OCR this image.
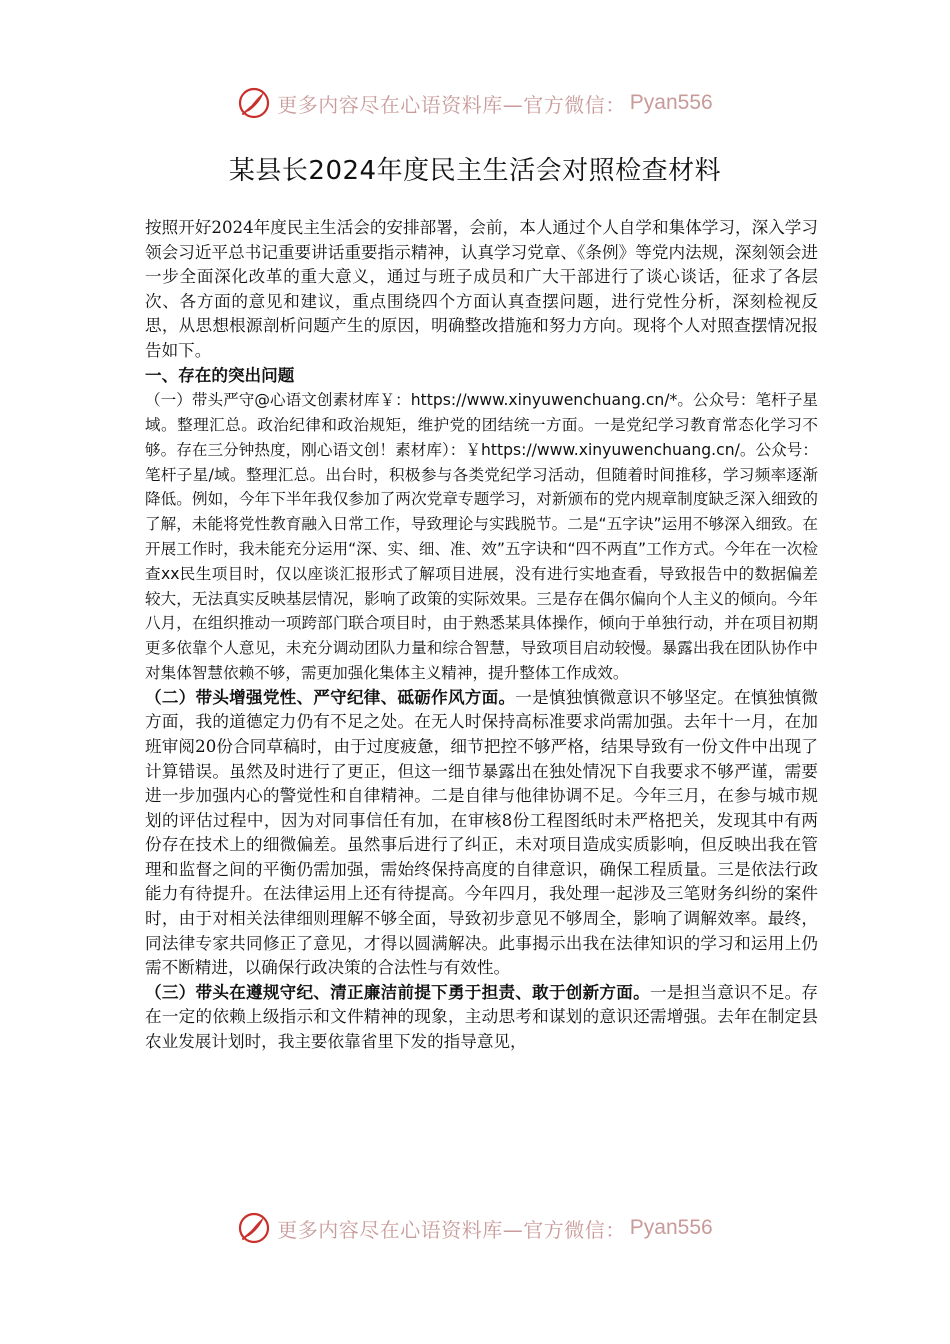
更多内容尽在心语资料库—官方微信： Pyan556
某县长2024年度民主生活会对照检查材料

按照开好2024年度民主生活会的安排部署，会前，本人通过个人自学和集体学习，深入学习领会习近平总书记重要讲话重要指示精神，认真学习党章、《条例》等党内法规，深刻领会进一步全面深化改革的重大意义，通过与班子成员和广大干部进行了谈心谈话，征求了各层次、各方面的意见和建议，重点围绕四个方面认真查摆问题，进行党性分析，深刻检视反思，从思想根源剖析问题产生的原因，明确整改措施和努力方向。现将个人对照查摆情况报告如下。

一、存在的突出问题

（一）带头严守@心语文创素材库￥：https://www.xinyuwenchuang.cn/*。公众号：笔杆子星域。整理汇总。政治纪律和政治规矩，维护党的团结统一方面。一是党纪学习教育常态化学习不够。存在三分钟热度，刚心语文创！素材库）：￥https://www.xinyuwenchuang.cn/。公众号：笔杆子星/域。整理汇总。出台时，积极参与各类党纪学习活动，但随着时间推移，学习频率逐渐降低。例如，今年下半年我仅参加了两次党章专题学习，对新颁布的党内规章制度缺乏深入细致的了解，未能将党性教育融入日常工作，导致理论与实践脱节。二是“五字诀”运用不够深入细致。在开展工作时，我未能充分运用“深、实、细、准、效”五字诀和“四不两直”工作方式。今年在一次检查xx民生项目时，仅以座谈汇报形式了解项目进展，没有进行实地查看，导致报告中的数据偏差较大，无法真实反映基层情况，影响了政策的实际效果。三是存在偶尔偏向个人主义的倾向。今年八月，在组织推动一项跨部门联合项目时，由于熟悉某具体操作，倾向于单独行动，并在项目初期更多依靠个人意见，未充分调动团队力量和综合智慧，导致项目启动较慢。暴露出我在团队协作中对集体智慧依赖不够，需更加强化集体主义精神，提升整体工作成效。

（二）带头增强党性、严守纪律、砥砺作风方面。一是慎独慎微意识不够坚定。在慎独慎微方面，我的道德定力仍有不足之处。在无人时保持高标准要求尚需加强。去年十一月，在加班审阅20份合同草稿时，由于过度疲惫，细节把控不够严格，结果导致有一份文件中出现了计算错误。虽然及时进行了更正，但这一细节暴露出在独处情况下自我要求不够严谨，需要进一步加强内心的警觉性和自律精神。二是自律与他律协调不足。今年三月，在参与城市规划的评估过程中，因为对同事信任有加，在审核8份工程图纸时未严格把关，发现其中有两份存在技术上的细微偏差。虽然事后进行了纠正，未对项目造成实质影响，但反映出我在管理和监督之间的平衡仍需加强，需始终保持高度的自律意识，确保工程质量。三是依法行政能力有待提升。在法律运用上还有待提高。今年四月，我处理一起涉及三笔财务纠纷的案件时，由于对相关法律细则理解不够全面，导致初步意见不够周全，影响了调解效率。最终，同法律专家共同修正了意见，才得以圆满解决。此事揭示出我在法律知识的学习和运用上仍需不断精进，以确保行政决策的合法性与有效性。

（三）带头在遵规守纪、清正廉洁前提下勇于担责、敢于创新方面。一是担当意识不足。存在一定的依赖上级指示和文件精神的现象，主动思考和谋划的意识还需增强。去年在制定县农业发展计划时，我主要依靠省里下发的指导意见，

更多内容尽在心语资料库—官方微信： Pyan556
